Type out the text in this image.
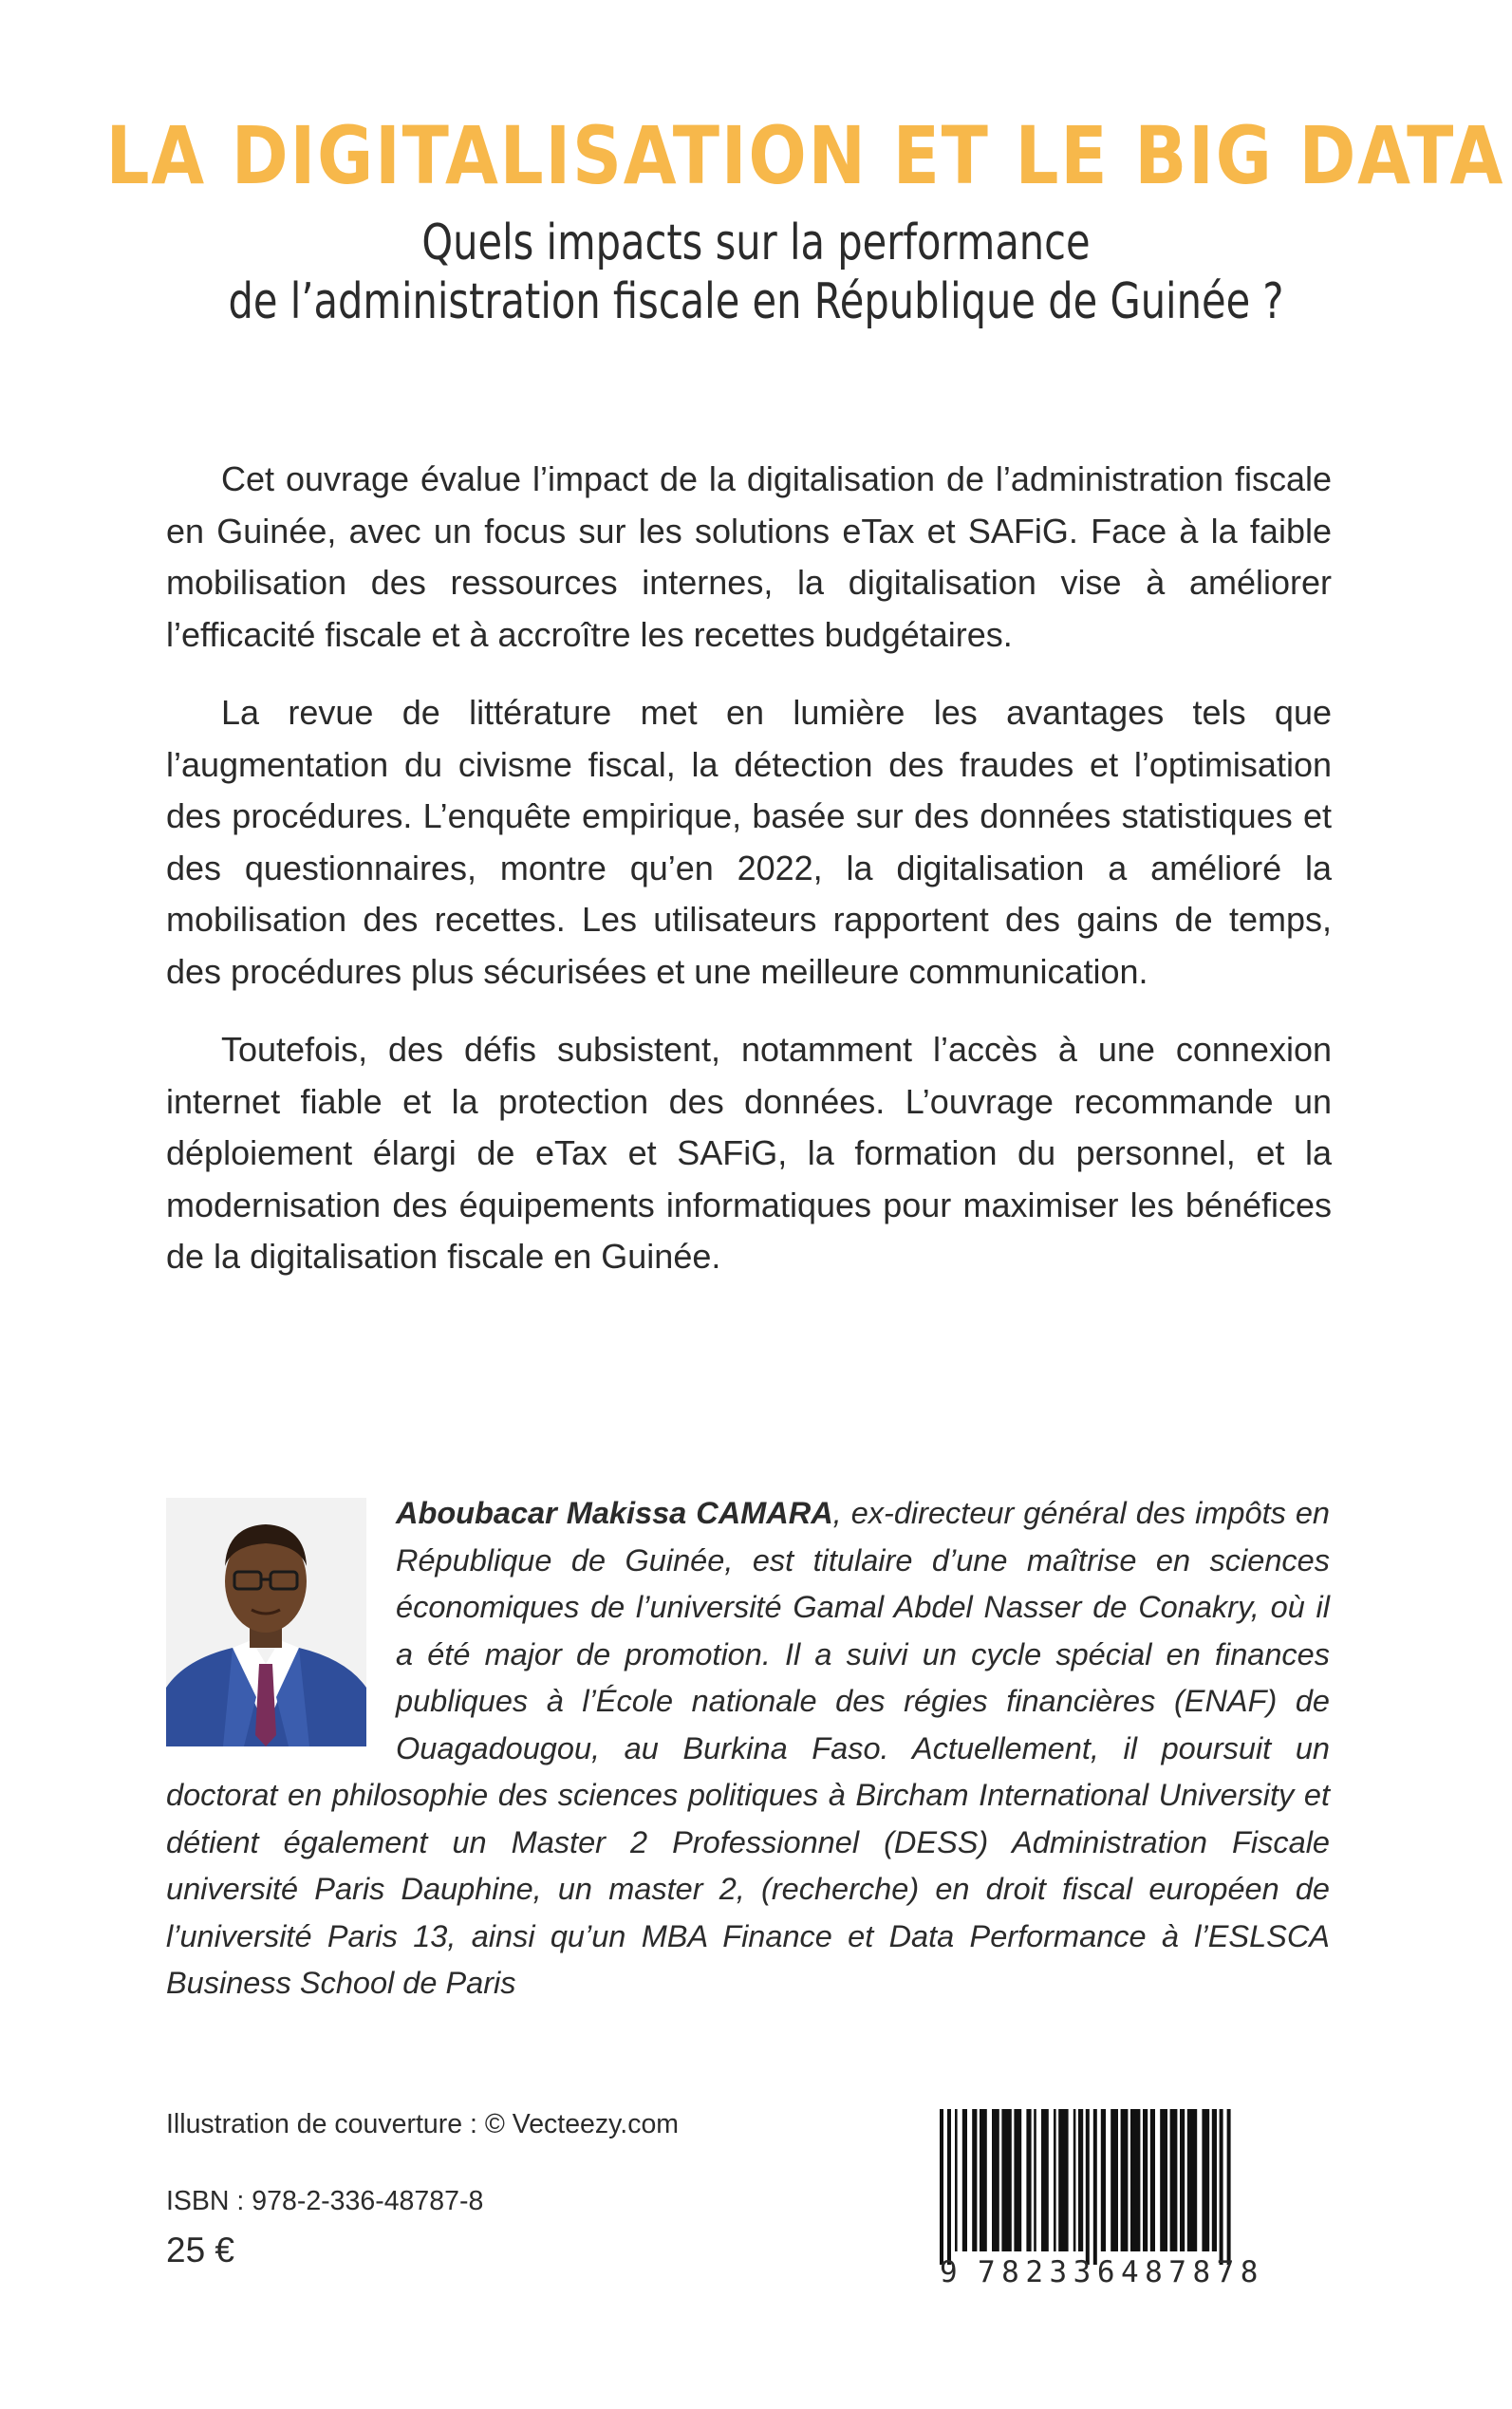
LA DIGITALISATION ET LE BIG DATA
Quels impacts sur la performance
de l’administration fiscale en République de Guinée ?

Cet ouvrage évalue l’impact de la digitalisation de l’administration fiscale en Guinée, avec un focus sur les solutions eTax et SAFiG. Face à la faible mobilisation des ressources internes, la digitalisation vise à améliorer l’efficacité fiscale et à accroître les recettes budgétaires.

La revue de littérature met en lumière les avantages tels que l’augmentation du civisme fiscal, la détection des fraudes et l’optimisation des procédures. L’enquête empirique, basée sur des données statistiques et des questionnaires, montre qu’en 2022, la digitalisation a amélioré la mobilisation des recettes. Les utilisateurs rapportent des gains de temps, des procédures plus sécurisées et une meilleure communication.

Toutefois, des défis subsistent, notamment l’accès à une connexion internet fiable et la protection des données. L’ouvrage recommande un déploiement élargi de eTax et SAFiG, la formation du personnel, et la modernisation des équipements informatiques pour maximiser les bénéfices de la digitalisation fiscale en Guinée.

Aboubacar Makissa CAMARA, ex-directeur général des impôts en République de Guinée, est titulaire d’une maîtrise en sciences économiques de l’université Gamal Abdel Nasser de Conakry, où il a été major de promotion. Il a suivi un cycle spécial en finances publiques à l’École nationale des régies financières (ENAF) de Ouagadougou, au Burkina Faso. Actuellement, il poursuit un doctorat en philosophie des sciences politiques à Bircham International University et détient également un Master 2 Professionnel (DESS) Administration Fiscale université Paris Dauphine, un master 2, (recherche) en droit fiscal européen de l’université Paris 13, ainsi qu’un MBA Finance et Data Performance à l’ESLSCA Business School de Paris

Illustration de couverture : © Vecteezy.com
ISBN : 978-2-336-48787-8
25 €
9 782336487878
